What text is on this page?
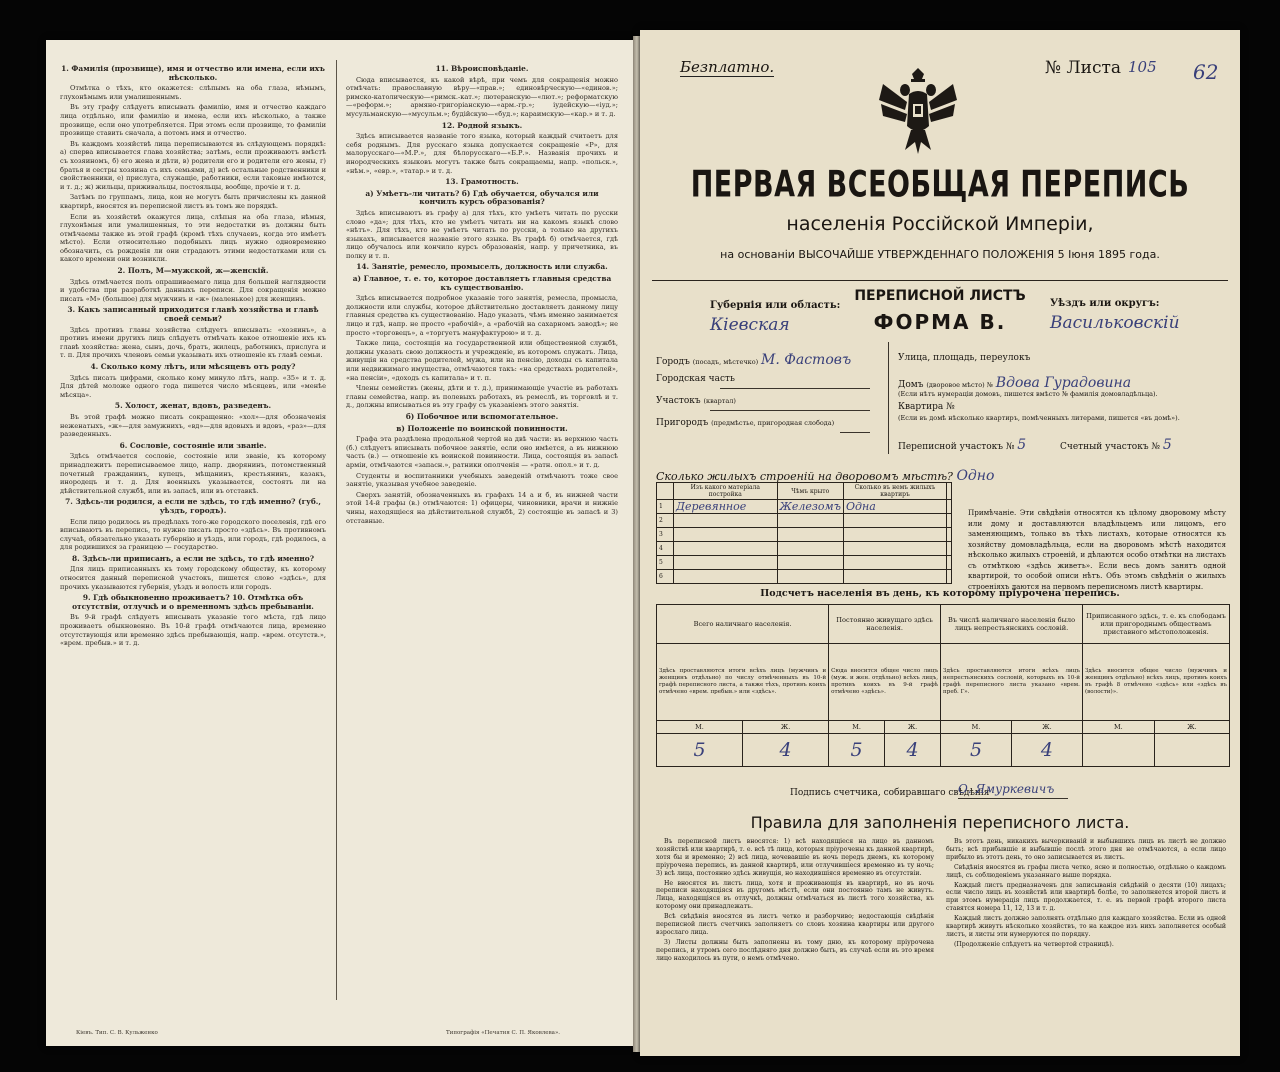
1. Фамилія (прозвище), имя и отчество или имена, если ихъ нѣсколько.

Отмѣтка о тѣхъ, кто окажется: слѣпымъ на оба глаза, нѣмымъ, глухонѣмымъ или умалишеннымъ.

Въ эту графу слѣдуетъ вписывать фамилію, имя и отчество каждаго лица отдѣльно, или фамилію и имена, если ихъ нѣсколько, а также прозвище, если оно употребляется. При этомъ если прозвище, то фамиліи прозвище ставить сначала, а потомъ имя и отчество.

Въ каждомъ хозяйствѣ лица переписываются въ слѣдующемъ порядкѣ: а) сперва вписывается глава хозяйства; затѣмъ, если проживаютъ вмѣстѣ съ хозяиномъ, б) его жена и дѣти, в) родители его и родители его жены, г) братья и сестры хозяина съ ихъ семьями, д) всѣ остальные родственники и свойственники, е) прислуга, служащіе, работники, если таковые имѣются, и т. д.; ж) жильцы, приживальцы, постояльцы, вообще, прочіе и т. д.

Затѣмъ по группамъ, лица, кои не могутъ быть причислены къ данной квартирѣ, вносятся въ переписной листъ въ томъ же порядкѣ.

Если въ хозяйствѣ окажутся лица, слѣпыя на оба глаза, нѣмыя, глухонѣмыя или умалишенныя, то эти недостатки въ должны быть отмѣчаемы также въ этой графѣ (кромѣ тѣхъ случаевъ, когда это имѣетъ мѣсто). Если относительно подобныхъ лицъ нужно одновременно обозначить, съ рожденія ли они страдаютъ этими недостатками или съ какого времени они возникли.

2. Полъ, М—мужской, ж—женскій.

Здѣсь отмѣчается полъ опрашиваемаго лица для большей наглядности и удобства при разработкѣ данныхъ переписи. Для сокращенія можно писать «М» (большое) для мужчинъ и «ж» (маленькое) для женщинъ.

3. Какъ записанный приходится главѣ хозяйства и главѣ своей семьи?

Здѣсь противъ главы хозяйства слѣдуетъ вписывать: «хозяинъ», а противъ имени другихъ лицъ слѣдуетъ отмѣчать какое отношеніе ихъ къ главѣ хозяйства: жена, сынъ, дочь, братъ, жилецъ, работникъ, прислуга и т. п. Для прочихъ членовъ семьи указывать ихъ отношеніе къ главѣ семьи.

4. Сколько кому лѣтъ, или мѣсяцевъ отъ роду?

Здѣсь писать цифрами, сколько кому минуло лѣтъ, напр. «35» и т. д. Для дѣтей моложе одного года пишется число мѣсяцевъ, или «менѣе мѣсяца».

5. Холост, женат, вдовъ, разведенъ.

Въ этой графѣ можно писать сокращенно: «хол»—для обозначенія неженатыхъ, «ж»—для замужнихъ, «вд»—для вдовыхъ и вдовъ, «раз»—для разведенныхъ.

6. Сословіе, состояніе или званіе.

Здѣсь отмѣчается сословіе, состояніе или званіе, къ которому принадлежитъ переписываемое лицо, напр. дворянинъ, потомственный почетный гражданинъ, купецъ, мѣщанинъ, крестьянинъ, казакъ, инородецъ и т. д. Для военныхъ указывается, состоятъ ли на дѣйствительной службѣ, или въ запасѣ, или въ отставкѣ.

7. Здѣсь-ли родился, а если не здѣсь, то гдѣ именно? (губ., уѣздъ, городъ).

Если лицо родилось въ предѣлахъ того-же городского поселенія, гдѣ его вписываютъ въ перепись, то нужно писать просто «здѣсь». Въ противномъ случаѣ, обязательно указать губернію и уѣздъ, или городъ, гдѣ родилось, а для родившихся за границею — государство.

8. Здѣсь-ли приписанъ, а если не здѣсь, то гдѣ именно?

Для лицъ приписанныхъ къ тому городскому обществу, къ которому относится данный переписной участокъ, пишется слово «здѣсь», для прочихъ указываются губернія, уѣздъ и волость или городъ.

9. Гдѣ обыкновенно проживаетъ? 10. Отмѣтка объ отсутствіи, отлучкѣ и о временномъ здѣсь пребываніи.

Въ 9-й графѣ слѣдуетъ вписывать указаніе того мѣста, гдѣ лицо проживаетъ обыкновенно. Въ 10-й графѣ отмѣчаются лица, временно отсутствующія или временно здѣсь пребывающія, напр. «врем. отсутств.», «врем. пребыв.» и т. д.

11. Вѣроисповѣданіе.

Сюда вписывается, къ какой вѣрѣ, при чемъ для сокращенія можно отмѣчать: православную вѣру—«прав.»; единовѣрческую—«единов.»; римско-католическую—«римск.-кат.»; лютеранскую—«лют.»; реформатскую—«реформ.»; армяно-григоріанскую—«арм.-гр.»; іудейскую—«іуд.»; мусульманскую—«мусульм.»; будійскую—«буд.»; караимскую—«кар.» и т. д.

12. Родной языкъ.

Здѣсь вписывается названіе того языка, который каждый считаетъ для себя роднымъ. Для русскаго языка допускается сокращеніе «Р», для малорусскаго—«М.Р.», для бѣлорусскаго—«Б.Р.». Названія прочихъ и инородческихъ языковъ могутъ также быть сокращаемы, напр. «польск.», «нѣм.», «евр.», «татар.» и т. д.

13. Грамотность.
а) Умѣетъ-ли читать? б) Гдѣ обучается, обучался или кончилъ курсъ образованія?

Здѣсь вписываютъ въ графу а) для тѣхъ, кто умѣетъ читать по русски слово «да»; для тѣхъ, кто не умѣетъ читать ни на какомъ языкѣ слово «нѣтъ». Для тѣхъ, кто не умѣетъ читать по русски, а только на другихъ языкахъ, вписывается названіе этого языка. Въ графѣ б) отмѣчается, гдѣ лицо обучалось или кончило курсъ образованія, напр. у причетника, въ полку и т. п.

14. Занятіе, ремесло, промыселъ, должность или служба.
а) Главное, т. е. то, которое доставляетъ главныя средства къ существованію.

Здѣсь вписывается подробное указаніе того занятія, ремесла, промысла, должности или службы, которое дѣйствительно доставляетъ данному лицу главныя средства къ существованію. Надо указать, чѣмъ именно занимается лицо и гдѣ, напр. не просто «рабочій», а «рабочій на сахарномъ заводѣ»; не просто «торговецъ», а «торгуетъ мануфактурою» и т. д.

Также лица, состоящія на государственной или общественной службѣ, должны указать свою должность и учрежденіе, въ которомъ служатъ. Лица, живущія на средства родителей, мужа, или на пенсію, доходы съ капитала или недвижимаго имущества, отмѣчаются такъ: «на средствахъ родителей», «на пенсіи», «доходъ съ капитала» и т. п.

Члены семействъ (жены, дѣти и т. д.), принимающіе участіе въ работахъ главы семейства, напр. въ полевыхъ работахъ, въ ремеслѣ, въ торговлѣ и т. д., должны вписываться въ эту графу съ указаніемъ этого занятія.

б) Побочное или вспомогательное.
в) Положеніе по воинской повинности.

Графа эта раздѣлена продольной чертой на двѣ части: въ верхнюю часть (б.) слѣдуетъ вписывать побочное занятіе, если оно имѣется, а въ нижнюю часть (в.) — отношеніе къ воинской повинности. Лица, состоящія въ запасѣ арміи, отмѣчаются «запасн.», ратники ополченія — «ратн. опол.» и т. д.

Студенты и воспитанники учебныхъ заведеній отмѣчаютъ тоже свое занятіе, указывая учебное заведеніе.

Сверхъ занятій, обозначенныхъ въ графахъ 14 а и б, въ нижней части этой 14-й графы (в.) отмѣчаются: 1) офицеры, чиновники, врачи и нижніе чины, находящіеся на дѣйствительной службѣ, 2) состоящіе въ запасѣ и 3) отставные.

Кіевъ. Тип. С. В. Кульженко	Типографія «Печатня С. П. Яковлева».
Безплатно.	№ Листа 105 62
ПЕРВАЯ ВСЕОБЩАЯ ПЕРЕПИСЬ
населенія Россійской Имперіи,
на основаніи ВЫСОЧАЙШЕ УТВЕРЖДЕННАГО ПОЛОЖЕНІЯ 5 Іюня 1895 года.
Губернія или область:
Кіевская
ПЕРЕПИСНОЙ ЛИСТЪ
ФОРМА В.
Уѣздъ или округъ:
Васильковскій
Городъ (посадъ, мѣстечко) М. Фастовъ
Городская часть
Участокъ (квартал)
Пригородъ (предмѣстье, пригородная слобода)
Улица, площадь, переулокъ
Домъ (дворовое мѣсто) № Вдова Гурадовина
(Если нѣтъ нумераціи домовъ, пишется вмѣсто № фамилія домовладѣльца).
Квартира №
(Если въ домѣ нѣсколько квартиръ, помѣченныхъ литерами, пишется «въ домѣ»).
Переписной участокъ № 5	Счетный участокъ № 5
Сколько жилыхъ строеній на дворовомъ мѣстѣ? Одно
	Изъ какого матеріала постройка	Чѣмъ крыто	Сколько въ немъ жилыхъ квартиръ	
1	Деревянное	Железомъ	Одна	
2				
3				
4				
5				
6				
Примѣчаніе. Эти свѣдѣнія относятся къ цѣлому дворовому мѣсту или дому и доставляются владѣльцемъ или лицомъ, его заменяющимъ, только въ тѣхъ листахъ, которые относятся къ хозяйству домовладѣльца, если на дворовомъ мѣстѣ находится нѣсколько жилыхъ строеній, и дѣлаются особо отмѣтки на листахъ съ отмѣткою «здѣсь живетъ». Если весь домъ занятъ одной квартирой, то особой описи нѣтъ. Объ этомъ свѣдѣнія о жилыхъ строеніяхъ даются на первомъ переписномъ листѣ квартиры.
Подсчетъ населенія въ день, къ которому пріурочена перепись.
Всего наличнаго населенія.		Постоянно живущаго здѣсь населенія.		Въ числѣ наличнаго населенія было лицъ непрестьянскихъ сословій.		Приписанного здѣсь, т. е. къ слободамъ или пригороднымъ обществамъ приставного мѣстоположенія.	
Здѣсь проставляются итоги всѣхъ лицъ (мужчинъ и женщинъ отдѣльно) по числу отмѣченныхъ въ 10-й графѣ переписного листа, а также тѣхъ, противъ коихъ отмѣчено «врем. пребыв.» или «здѣсь».		Сюда вносится общее число лицъ (муж. и жен. отдѣльно) всѣхъ лицъ, противъ коихъ въ 9-й графѣ отмѣчено «здѣсь».		Здѣсь проставляются итоги всѣхъ лицъ непрестьянскихъ сословій, которыхъ въ 10-й графѣ переписного листа указано «врем. преб. Г».		Здѣсь вносится общее число (мужчинъ и женщинъ отдѣльно) всѣхъ лицъ, противъ коихъ въ графѣ 8 отмѣчено «здѣсь» или «здѣсь въ (волости)».	
М.	Ж.	М.	Ж.	М.	Ж.	М.	Ж.
5	4	5	4	5	4		
Подпись счетчика, собиравшаго свѣдѣнія
О. Ямуркевичъ
Правила для заполненія переписного листа.

Въ переписной листъ вносятся: 1) всѣ находящіеся на лицо въ данномъ хозяйствѣ или квартирѣ, т. е. всѣ тѣ лица, которыя пріурочены къ данной квартирѣ, хотя бы и временно; 2) всѣ лица, ночевавшіе въ ночь передъ днемъ, къ которому пріурочена перепись, въ данной квартирѣ, или отлучившіеся временно въ ту ночь; 3) всѣ лица, постоянно здѣсь живущія, но находившіяся временно въ отсутствіи.

Не вносятся въ листъ лица, хотя и проживающія въ квартирѣ, но въ ночь переписи находящіяся въ другомъ мѣстѣ, если они постоянно тамъ не живутъ. Лица, находящіяся въ отлучкѣ, должны отмѣчаться въ листѣ того хозяйства, къ которому они принадлежатъ.

Всѣ свѣдѣнія вносятся въ листъ четко и разборчиво; недостающія свѣдѣнія переписной листъ счетчикъ заполняетъ со словъ хозяина квартиры или другого взрослаго лица.

3) Листы должны быть заполнены въ тому дню, къ которому пріурочена перепись, и утромъ сего послѣдняго дня должно быть, въ случаѣ если въ это время лицо находилось въ пути, о немъ отмѣчено.

Въ этотъ день, никакихъ вычеркиваній и выбывшихъ лицъ въ листѣ не должно быть; всѣ прибывшіе и выбывшіе послѣ этого дня не отмѣчаются, а если лицо прибыло въ этотъ день, то оно записывается въ листъ.

Свѣдѣнія вносятся въ графы листа четко, ясно и полностью, отдѣльно о каждомъ лицѣ, съ соблюденіемъ указаннаго выше порядка.

Каждый листъ предназначенъ для записыванія свѣдѣній о десяти (10) лицахъ; если число лицъ въ хозяйствѣ или квартирѣ болѣе, то заполняется второй листъ и при этомъ нумерація лицъ продолжается, т. е. въ первой графѣ второго листа ставятся номера 11, 12, 13 и т. д.

Каждый листъ должно заполнять отдѣльно для каждаго хозяйства. Если въ одной квартирѣ живутъ нѣсколько хозяйствъ, то на каждое изъ нихъ заполняется особый листъ, и листы эти нумеруются по порядку.

(Продолженіе слѣдуетъ на четвертой страницѣ).
